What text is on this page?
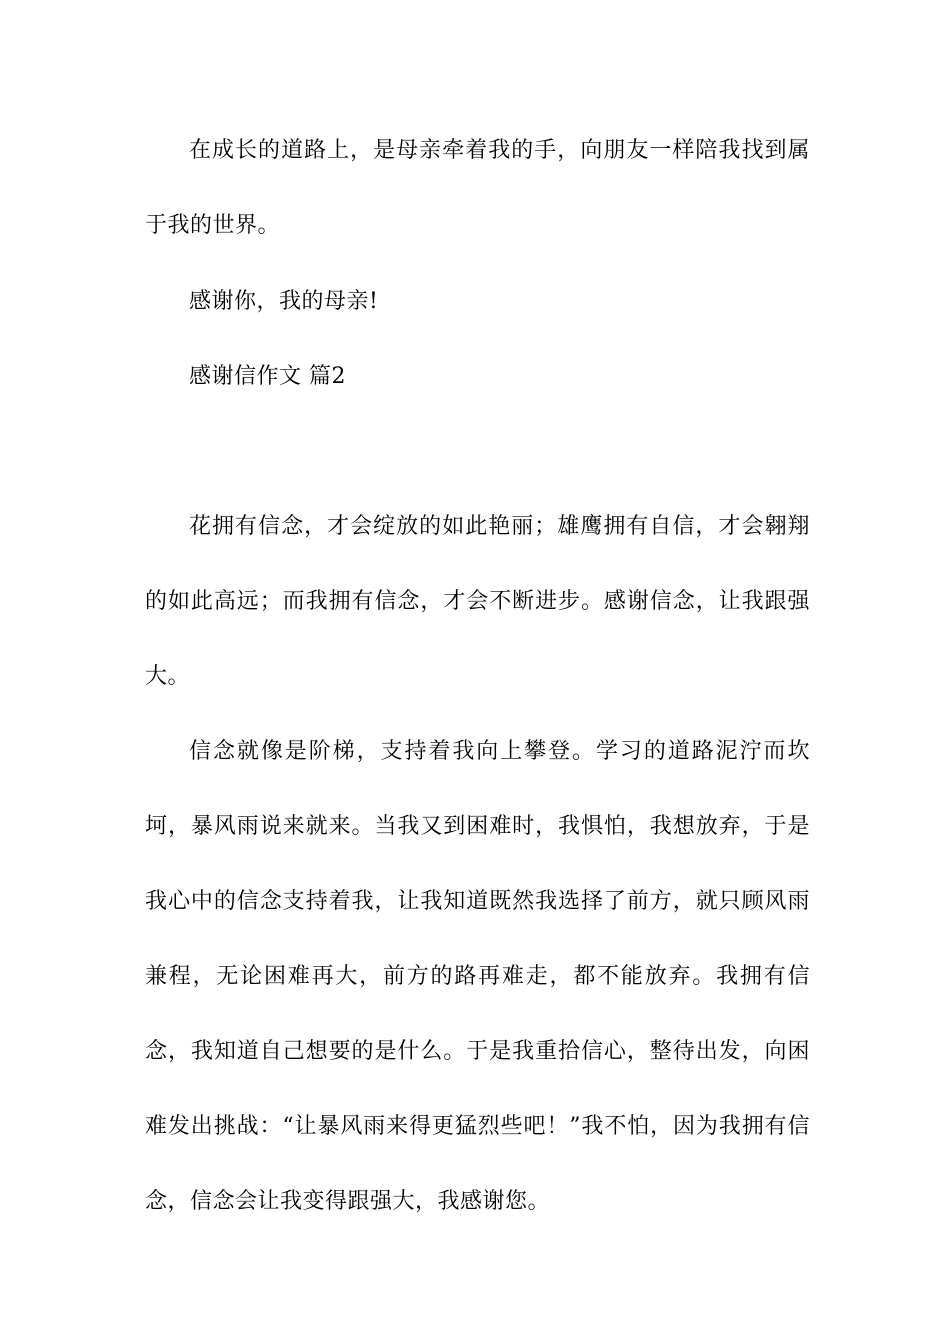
在成长的道路上，是母亲牵着我的手，向朋友一样陪我找到属于我的世界。

感谢你，我的母亲!

感谢信作文 篇2

花拥有信念，才会绽放的如此艳丽；雄鹰拥有自信，才会翱翔的如此高远；而我拥有信念，才会不断进步。感谢信念，让我跟强大。

信念就像是阶梯，支持着我向上攀登。学习的道路泥泞而坎坷，暴风雨说来就来。当我又到困难时，我惧怕，我想放弃，于是我心中的信念支持着我，让我知道既然我选择了前方，就只顾风雨兼程，无论困难再大，前方的路再难走，都不能放弃。我拥有信念，我知道自己想要的是什么。于是我重拾信心，整待出发，向困难发出挑战：“让暴风雨来得更猛烈些吧！”我不怕，因为我拥有信念，信念会让我变得跟强大，我感谢您。
